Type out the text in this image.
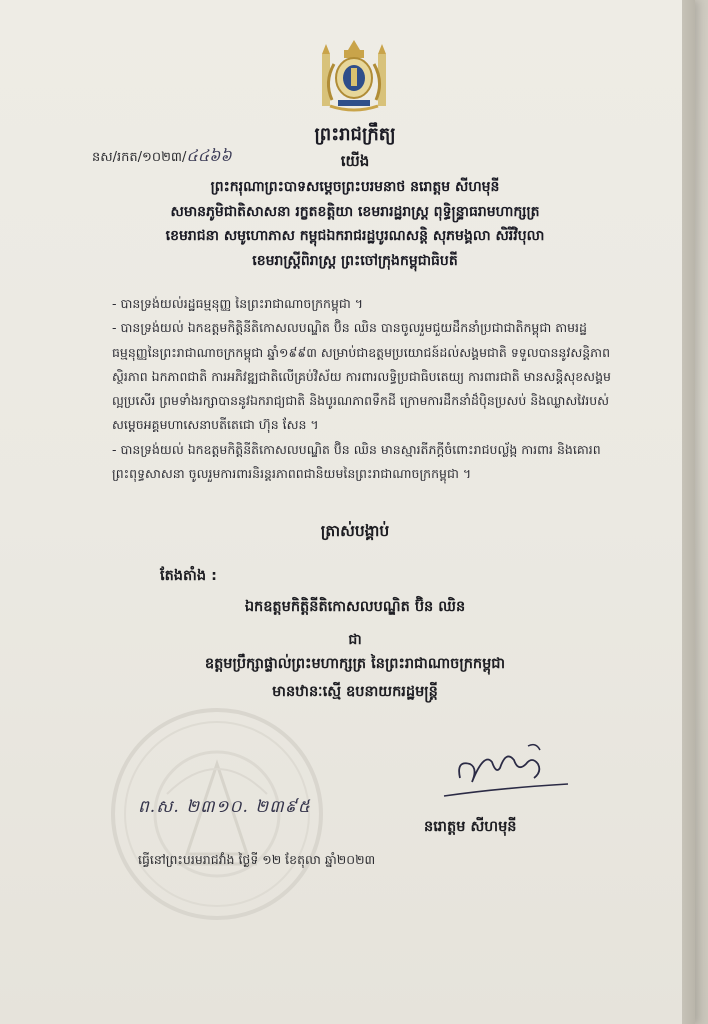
នស/រកត/១០២៣/៤៤៦៦
ព្រះរាជក្រឹត្យ
យើង
ព្រះករុណាព្រះបាទសម្ដេចព្រះបរមនាថ នរោត្តម សីហមុនី
សមានភូមិជាតិសាសនា រក្ខតខត្តិយា ខេមរារដ្ឋរាស្ត្រ ពុទ្ធិន្ទ្រាធរាមហាក្សត្រ
ខេមរាជនា សមូហោភាស កម្ពុជឯករាជរដ្ឋបូរណសន្តិ សុភមង្គលា សិរីវិបុលា
ខេមរាស្ត្រីពិរាស្ត្រ ព្រះចៅក្រុងកម្ពុជាធិបតី

- បានទ្រង់យល់រដ្ឋធម្មនុញ្ញ នៃព្រះរាជាណាចក្រកម្ពុជា ។

- បានទ្រង់យល់ ឯកឧត្តមកិត្តិនីតិកោសលបណ្ឌិត ប៊ិន ឈិន បានចូលរួមជួយដឹកនាំប្រជាជាតិកម្ពុជា តាមរដ្ឋធម្មនុញ្ញនៃព្រះរាជាណាចក្រកម្ពុជា ឆ្នាំ១៩៩៣ សម្រាប់ជាឧត្តមប្រយោជន៍ដល់សង្គមជាតិ ទទួលបាននូវសន្តិភាព ស្ថិរភាព ឯកភាពជាតិ ការអភិវឌ្ឍជាតិលើគ្រប់វិស័យ ការពារលទ្ធិប្រជាធិបតេយ្យ ការពារជាតិ មានសន្តិសុខសង្គមល្អប្រសើរ ព្រមទាំងរក្សាបាននូវឯករាជ្យជាតិ និងបូរណភាពទឹកដី ក្រោមការដឹកនាំដ៏ប៉ិនប្រសប់ និងឈ្លាសវៃរបស់ សម្តេចអគ្គមហាសេនាបតីតេជោ ហ៊ុន សែន ។

- បានទ្រង់យល់ ឯកឧត្តមកិត្តិនីតិកោសលបណ្ឌិត ប៊ិន ឈិន មានស្មារតីភក្តីចំពោះរាជបល្ល័ង្ក ការពារ និងគោរពព្រះពុទ្ធសាសនា ចូលរួមការពារនិរន្តរភាពពជានិយមនៃព្រះរាជាណាចក្រកម្ពុជា ។

ត្រាស់បង្គាប់
តែងតាំង :
ឯកឧត្តមកិត្តិនីតិកោសលបណ្ឌិត ប៊ិន ឈិន
ជា
ឧត្តមប្រឹក្សាផ្ទាល់ព្រះមហាក្សត្រ នៃព្រះរាជាណាចក្រកម្ពុជា
មានឋានៈស្មើ ឧបនាយករដ្ឋមន្ត្រី
ព.ស. ២៣១០. ២៣៩៥
នរោត្តម សីហមុនី
ធ្វើនៅព្រះបរមរាជវាំង ថ្ងៃទី ១២ ខែតុលា ឆ្នាំ២០២៣
